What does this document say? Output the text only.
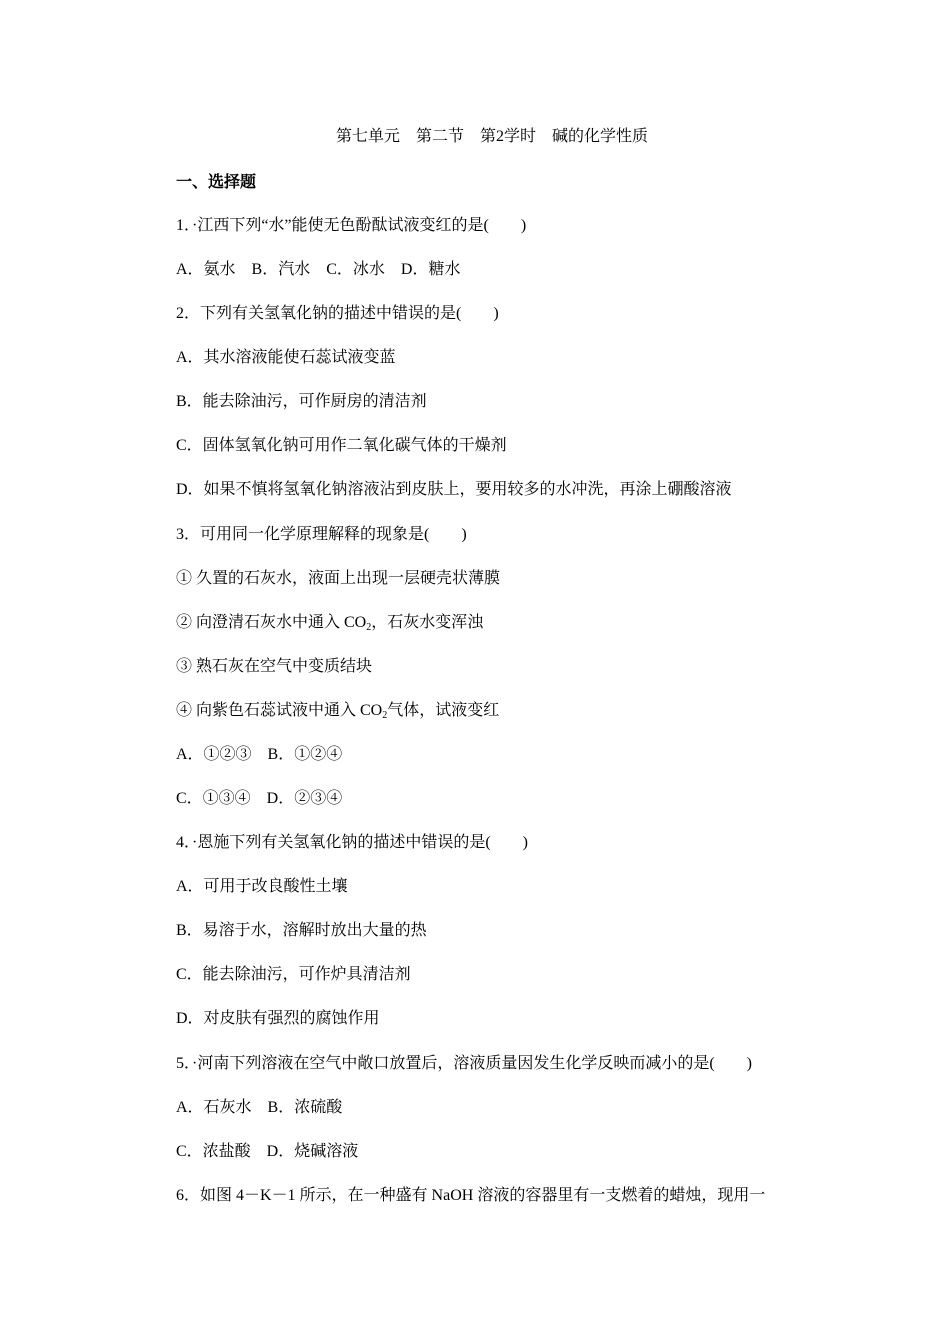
第七单元　第二节　第2学时　碱的化学性质
一、选择题
1．·江西下列“水”能使无色酚酞试液变红的是(　　)
A．氨水　B．汽水　C．冰水　D．糖水
2．下列有关氢氧化钠的描述中错误的是(　　)
A．其水溶液能使石蕊试液变蓝
B．能去除油污，可作厨房的清洁剂
C．固体氢氧化钠可用作二氧化碳气体的干燥剂
D．如果不慎将氢氧化钠溶液沾到皮肤上，要用较多的水冲洗，再涂上硼酸溶液
3．可用同一化学原理解释的现象是(　　)
① 久置的石灰水，液面上出现一层硬壳状薄膜
② 向澄清石灰水中通入 $CO_2$，石灰水变浑浊
③ 熟石灰在空气中变质结块
④ 向紫色石蕊试液中通入 $CO_2$气体，试液变红
A．①②③　B．①②④
C．①③④　D．②③④
4．·恩施下列有关氢氧化钠的描述中错误的是(　　)
A．可用于改良酸性土壤
B．易溶于水，溶解时放出大量的热
C．能去除油污，可作炉具清洁剂
D．对皮肤有强烈的腐蚀作用
5．·河南下列溶液在空气中敞口放置后，溶液质量因发生化学反映而减小的是(　　)
A．石灰水　B．浓硫酸
C．浓盐酸　D．烧碱溶液
6．如图 4－K－1 所示，在一种盛有 NaOH 溶液的容器里有一支燃着的蜡烛，现用一
